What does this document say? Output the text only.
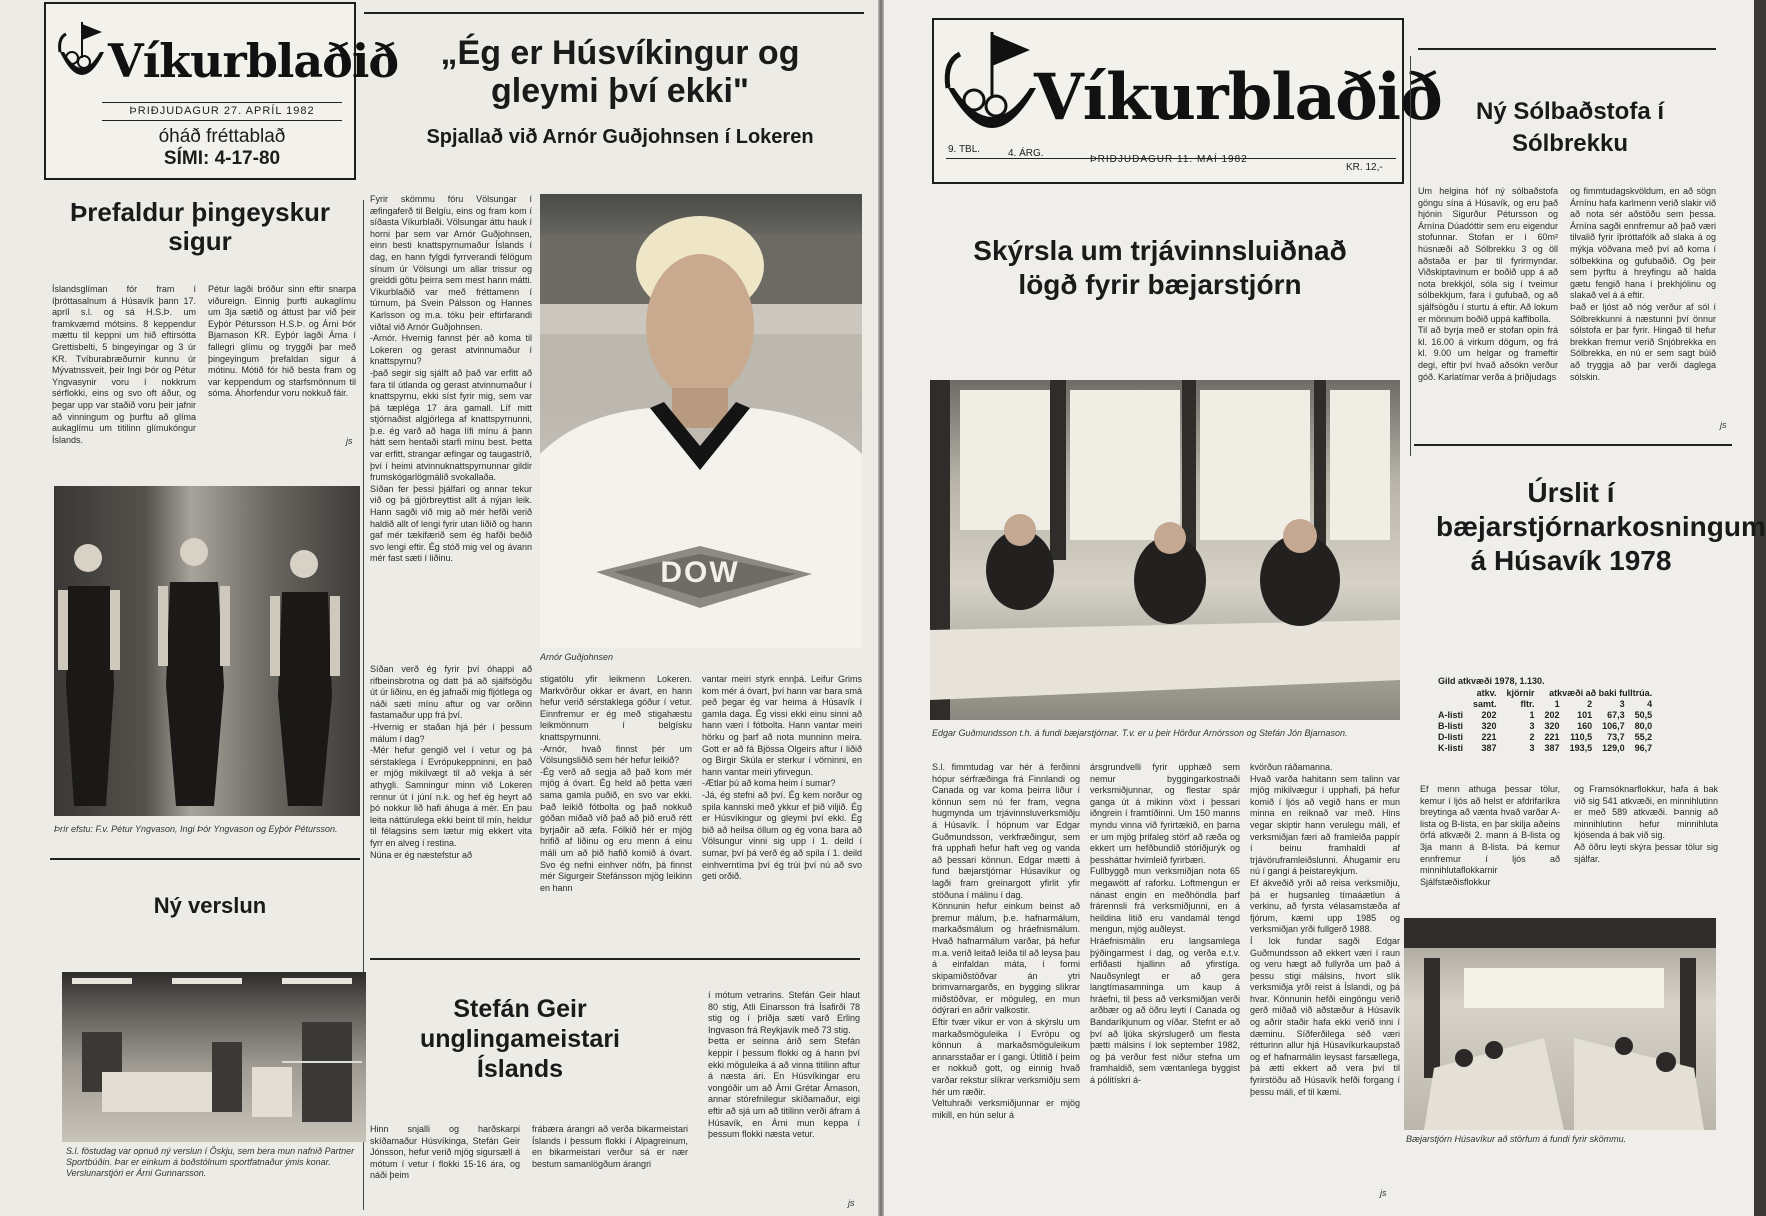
Víkurblaðið
ÞRIÐJUDAGUR 27. APRÍL 1982
óháð fréttablað
SÍMI: 4-17-80
Þrefaldur þingeyskur sigur
Íslandsglíman fór fram í íþróttasalnum á Húsavík þann 17. apríl s.l. og sá H.S.Þ. um framkvæmd mótsins. 8 keppendur mættu til keppni um hið eftirsótta Grettisbelti, 5 bingeyingar og 3 úr KR. Tvíburabræðurnir kunnu úr Mývatnssveit, þeir Ingi Þór og Pétur Yngvasynir voru í nokkrum sérflokki, eins og svo oft áður, og þegar upp var staðið voru þeir jafnir að vinningum og þurftu að glíma aukaglímu um titilinn glímukóngur Íslands.
Pétur lagði bróður sinn eftir snarpa viðureign. Einnig þurfti aukaglímu um 3ja sætið og áttust þar við þeir Eyþór Pétursson H.S.Þ. og Árni Þór Bjarnason KR. Eyþór lagði Árna í fallegri glímu og tryggði þar með þingeyingum þrefaldan sigur á mótinu. Mótið fór hið besta fram og var keppendum og starfsmönnum til sóma. Áhorfendur voru nokkuð fáir.
js
Þrír efstu: F.v. Pétur Yngvason, Ingi Þór Yngvason og Eyþór Pétursson.
Ný verslun
S.l. föstudag var opnuð ný verslun í Öskju, sem bera mun nafnið Partner Sportbúðin. Þar er einkum á boðstólnum sportfatnaður ýmis konar. Verslunarstjóri er Árni Gunnarsson.
„Ég er Húsvíkingur og gleymi því ekki"
Spjallað við Arnór Guðjohnsen í Lokeren
DOW
Arnór Guðjohnsen
Fyrir skömmu fóru Völsungar í æfingaferð til Belgíu, eins og fram kom í síðasta Víkurblaði. Völsungar áttu hauk í horni þar sem var Arnór Guðjohnsen, einn besti knattspyrnumaður Íslands í dag, en hann fylgdi fyrrverandi félögum sínum úr Völsungi um allar trissur og greiddi götu þeirra sem mest hann mátti. Víkurblaðið var með fréttamenn í túrnum, þá Svein Pálsson og Hannes Karlsson og m.a. tóku þeir eftirfarandi viðtal við Arnór Guðjohnsen.
-Arnór. Hvernig fannst þér að koma til Lokeren og gerast atvinnumaður í knattspyrnu?
-það segir sig sjálft að það var erfitt að fara til útlanda og gerast atvinnumaður í knattspyrnu, ekki síst fyrir mig, sem var þá tæpléga 17 ára gamall. Líf mitt stjórnaðist algjörlega af knattspyrnunni, þ.e. ég varð að haga lífi mínu á þann hátt sem hentaði starfi mínu best. Þetta var erfitt, strangar æfingar og taugastríð, því í heimi atvinnuknattspyrnunnar gildir frumskógarlögmálið svokallaða.
Síðan fer þessi þjálfari og annar tekur við og þá gjörbreyttist allt á nýjan leik. Hann sagði við mig að mér hefði verið haldið allt of lengi fyrir utan liðið og hann gaf mér tækifærið sem ég hafði beðið svo lengi eftir. Ég stóð mig vel og ávann mér fast sæti í liðinu.
Síðan verð ég fyrir því óhappi að rifbeinsbrotna og datt þá að sjálfsögðu út úr liðinu, en ég jafnaði mig fljótlega og náði sæti mínu aftur og var orðinn fastamaður upp frá því.
-Hvernig er staðan hjá þér í þessum málum í dag?
-Mér hefur gengið vel í vetur og þá sérstaklega í Evrópukeppninni, en það er mjög mikilvægt til að vekja á sér athygli. Samningur minn við Lokeren rennur út í júní n.k. og hef ég heyrt að þó nokkur lið hafi áhuga á mér. En þau leita náttúrulega ekki beint til mín, heldur til félagsins sem lætur mig ekkert vita fyrr en alveg í restina.
Núna er ég næstefstur að
stigatölu yfir leikmenn Lokeren. Markvörður okkar er ávart, en hann hefur verið sérstaklega góður í vetur. Einnfremur er ég með stigahæstu leikmönnum í belgísku knattspyrnunni.
-Arnór, hvað finnst þér um Völsungsliðið sem hér hefur leikið?
-Ég verð að segja að það kom mér mjög á óvart. Ég held að þetta væri sama gamla puðið, en svo var ekki. Það leikið fótbolta og það nokkuð góðan miðað við það að þið eruð rétt byrjaðir að æfa. Fólkið hér er mjög hrifið af liðinu og eru menn á einu máli um að þið hafið komið á óvart. Svo ég nefni einhver nöfn, þá finnst mér Sigurgeir Stefánsson mjög leikinn en hann
vantar meiri styrk ennþá. Leifur Grims kom mér á óvart, því hann var bara smá peð þegar ég var heima á Húsavík í gamla daga. Ég vissi ekki einu sinni að hann væri í fótbolta. Hann vantar meiri hörku og þarf að nota munninn meira. Gott er að fá Bjössa Olgeirs aftur í liðið og Birgir Skúla er sterkur í vörninni, en hann vantar meiri yfirvegun.
-Ætlar þú að koma heim í sumar?
-Já, ég stefni að því. Ég kem norður og spila kannski með ykkur ef þið viljið. Ég er Húsvíkingur og gleymi því ekki. Ég bið að heilsa öllum og ég vona bara að Völsungur vinni sig upp í 1. deild í sumar, því þá verð ég að spila í 1. deild einhverntíma því ég trúi því nú að svo geti orðið.
Stefán Geir unglingameistari Íslands
Hinn snjalli og harðskarpi skíðamaður Húsvíkinga, Stefán Geir Jónsson, hefur verið mjög sigursæll á mótum í vetur í flokki 15-16 ára, og náði þeim
frábæra árangri að verða bikarmeistari Íslands í þessum flokki í Alpagreinum, en bikarmeistari verður sá er nær bestum samanlögðum árangri
í mótum vetrarins. Stefán Geir hlaut 80 stig, Atli Einarsson frá Ísafirði 78 stig og í þriðja sæti varð Erling Ingvason frá Reykjavík með 73 stig.
Þetta er seinna árið sem Stefán keppir í þessum flokki og á hann því ekki möguleika á að vinna titilinn aftur á næsta ári. En Húsvíkingar eru vongóðir um að Árni Grétar Árnason, annar stórefnilegur skíðamaður, eigi eftir að sjá um að titilinn verði áfram á Húsavík, en Árni mun keppa í þessum flokki næsta vetur.
js
Víkurblaðið
9. TBL.	4. ÁRG.
ÞRIÐJUDAGUR 11. MAÍ 1982
KR. 12,-
Ný Sólbaðstofa í Sólbrekku
Um helgina hóf ný sólbaðstofa göngu sína á Húsavík, og eru það hjónin Sigurður Pétursson og Árnína Dúadóttir sem eru eigendur stofunnar. Stofan er í 60m² húsnæði að Sólbrekku 3 og öll aðstaða er þar til fyrirmyndar. Viðskiptavinum er boðið upp á að nota brekkjól, sóla sig í tveimur sólbekkjum, fara í gufubað, og að sjálfsögðu í sturtu á eftir. Að lokum er mönnum boðið uppá kaffibolla.
Til að byrja með er stofan opin frá kl. 16.00 á virkum dögum, og frá kl. 9.00 um helgar og frameftir degi, eftir því hvað aðsókn verður góð. Karlatímar verða á þriðjudags
og fimmtudagskvöldum, en að sögn Árnínu hafa karlmenn verið slakir við að nota sér aðstöðu sem þessa. Árnína sagði ennfremur að það væri tilvalið fyrir íþróttafólk að slaka á og mýkja vöðvana með því að koma í sólbekkina og gufubaðið. Og þeir sem þyrftu á hreyfingu að halda gætu fengið hana í þrekhjólinu og slakað vel á á eftir.
Það er ljóst að nóg verður af sól í Sólbrekkunni á næstunni því önnur sólstofa er þar fyrir. Hingað til hefur brekkan fremur verið Snjóbrekka en Sólbrekka, en nú er sem sagt búið að tryggja að þar verði daglega sólskin.
js
Skýrsla um trjávinnsluiðnað lögð fyrir bæjarstjórn
Edgar Guðmundsson t.h. á fundi bæjarstjórnar. T.v. er u þeir Hörður Arnórsson og Stefán Jón Bjarnason.
S.l. fimmtudag var hér á ferðinni hópur sérfræðinga frá Finnlandi og Canada og var koma þeirra liður í könnun sem nú fer fram, vegna hugmynda um trjávinnsluverksmiðju á Húsavík. Í hópnum var Edgar Guðmundsson, verkfræðingur, sem frá upphafi hefur haft veg og vanda að þessari könnun. Edgar mætti á fund bæjarstjórnar Húsavíkur og lagði fram greinargott yfirlit yfir stöðuna í málinu í dag.
Könnunin hefur einkum beinst að þremur málum, þ.e. hafnarmálum, markaðsmálum og hráefnismálum. Hvað hafnarmálum varðar, þá hefur m.a. verið leitað leiða til að leysa þau á einfaldan máta, í formi skipamiðstöðvar án ytri brimvarnargarðs, en bygging slíkrar miðstöðvar, er möguleg, en mun ódýrari en aðrir valkostir.
Eftir tvær vikur er von á skýrslu um markaðsmöguleika í Evrópu og könnun á markaðsmöguleikum annarsstaðar er í gangi. Útlitið í þeim er nokkuð gott, og einnig hvað varðar rekstur slíkrar verksmiðju sem hér um ræðir.
Veltuhraði verksmiðjunnar er mjög mikill, en hún selur á
ársgrundvelli fyrir upphæð sem nemur byggingarkostnaði verksmiðjunnar, og flestar spár ganga út á mikinn vöxt í þessari iðngrein í framtíðinni. Um 150 manns myndu vinna við fyrirtækið, en þarna er um mjög þrifaleg störf að ræða og ekkert um hefðbundið stóriðjurýk og þessháttar hvimleið fyrirbæri.
Fullbyggð mun verksmiðjan nota 65 megawött af raforku. Loftmengun er nánast engin en meðhöndla þarf frárennsli frá verksmiðjunni, en á heildina litið eru vandamál tengd mengun, mjög auðleyst.
Hráefnismálin eru langsamlega þýðingarmest í dag, og verða e.t.v. erfiðasti hjallinn að yfirstíga. Nauðsynlegt er að gera langtímasamninga um kaup á hráefni, til þess að verksmiðjan verði arðbær og að öðru leyti í Canada og Bandaríkjunum og víðar. Stefnt er að því að ljúka skýrslugerð um flesta þætti málsins í lok september 1982, og þá verður fest niður stefna um framhaldið, sem væntanlega byggist á pólitískri á-
kvörðun ráðamanna.
Hvað varða hahitann sem talinn var mjög mikilvægur í upphafi, þá hefur komið í ljós að vegið hans er mun minna en reiknað var með. Hins vegar skiptir hann verulegu máli, ef verksmiðjan færi að framleiða pappír í beinu framhaldi af trjávöruframleiðslunni. Áhugamir eru nú í gangi á þeistareykjum.
Ef ákveðið yrði að reisa verksmiðju, þá er hugsanleg tímaáætlun á verkinu, að fyrsta vélasamstæða af fjórum, kæmi upp 1985 og verksmiðjan yrði fullgerð 1988.
Í lok fundar sagði Edgar Guðmundsson að ekkert væri í raun og veru hægt að fullyrða um það á þessu stigi málsins, hvort slík verksmiðja yrði reist á Íslandi, og þá hvar. Könnunin hefði eingöngu verið gerð miðað við aðstæður á Húsavík og aðrir staðir hafa ekki verið inni í dæminu. Síðferðilega séð væri rétturinn allur hjá Húsavíkurkaupstað og ef hafnarmálin leysast farsællega, þá ætti ekkert að vera því til fyrirstöðu að Húsavík hefði forgang í þessu máli, ef til kæmi.
js
Úrslit í bæjarstjórnarkosningum á Húsavík 1978
Gild atkvæði 1978, 1.130.
	atkv.	kjörnir	atkvæði að baki fulltrúa.			
	samt.	fltr.	1	2	3	4
A-listi	202	1	202	101	67,3	50,5
B-listi	320	3	320	160	106,7	80,0
D-listi	221	2	221	110,5	73,7	55,2
K-listi	387	3	387	193,5	129,0	96,7
Ef menn athuga þessar tölur, kemur í ljós að helst er afdrifaríkra breytinga að vænta hvað varðar A-lista og B-lista, en þar skilja aðeins örfá atkvæði 2. mann á B-lista og 3ja mann á B-lista. Þá kemur ennfremur í ljós að minnihlutaflokkarnir Sjálfstæðisflokkur
og Framsóknarflokkur, hafa á bak við sig 541 atkvæði, en minnihlutinn er með 589 atkvæði. Þannig að minnihlutinn hefur minnihluta kjósenda á bak við sig.
Að öðru leyti skýra þessar tölur sig sjálfar.
Bæjarstjórn Húsavíkur að störfum á fundi fyrir skömmu.
